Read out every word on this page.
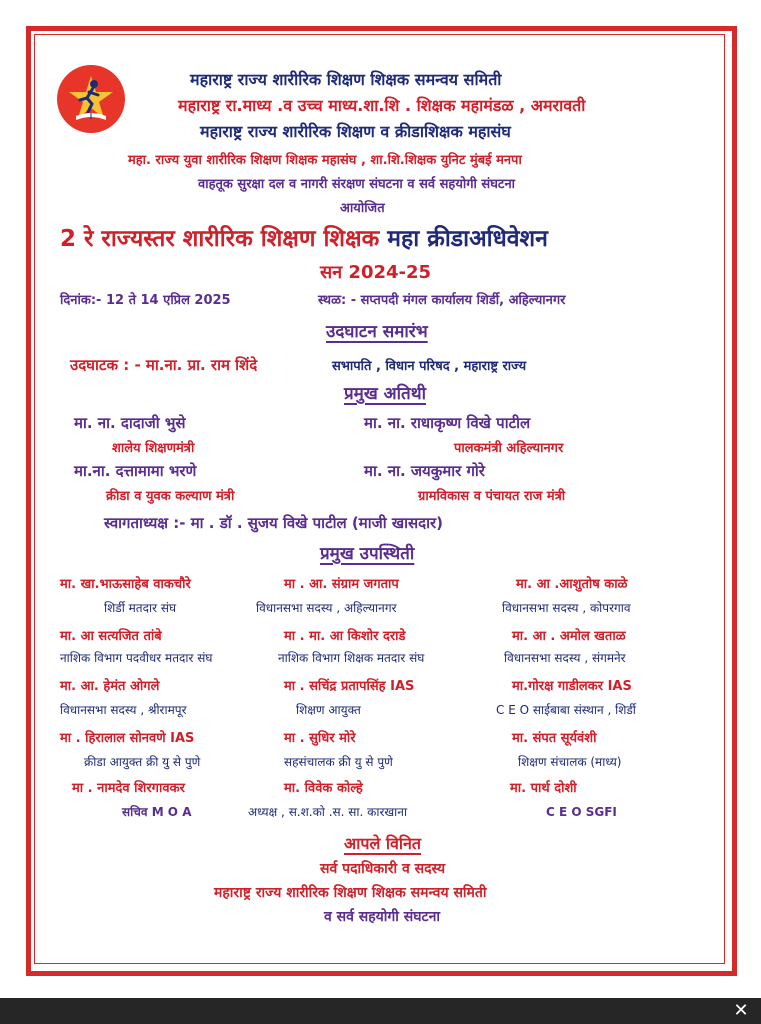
महाराष्ट्र राज्य शारीरिक शिक्षण शिक्षक समन्वय समिती
महाराष्ट्र रा.माध्य .व उच्च माध्य.शा.शि . शिक्षक महामंडळ , अमरावती
महाराष्ट्र राज्य शारीरिक शिक्षण व क्रीडाशिक्षक महासंघ
महा. राज्य युवा शारीरिक शिक्षण शिक्षक महासंघ , शा.शि.शिक्षक युनिट मुंबई मनपा
वाहतूक सुरक्षा दल व नागरी संरक्षण संघटना व सर्व सहयोगी संघटना
आयोजित
2 रे राज्यस्तर शारीरिक शिक्षण शिक्षक महा क्रीडाअधिवेशन
सन 2024-25
दिनांक:- 12 ते 14 एप्रिल 2025	स्थळ: - सप्तपदी मंगल कार्यालय शिर्डी, अहिल्यानगर
उदघाटन समारंभ
उदघाटक : - मा.ना. प्रा. राम शिंदे	सभापति , विधान परिषद , महाराष्ट्र राज्य
प्रमुख अतिथी
मा. ना. दादाजी भुसे
शालेय शिक्षणमंत्री
मा. ना. राधाकृष्ण विखे पाटील
पालकमंत्री अहिल्यानगर
मा.ना. दत्तामामा भरणे
क्रीडा व युवक कल्याण मंत्री
मा. ना. जयकुमार गोरे
ग्रामविकास व पंचायत राज मंत्री
स्वागताध्यक्ष :- मा . डॉ . सुजय विखे पाटील (माजी खासदार)
प्रमुख उपस्थिती
मा. खा.भाऊसाहेब वाकचौरे
शिर्डी मतदार संघ
मा . आ. संग्राम जगताप
विधानसभा सदस्य , अहिल्यानगर
मा. आ .आशुतोष काळे
विधानसभा सदस्य , कोपरगाव
मा. आ सत्यजित तांबे
नाशिक विभाग पदवीधर मतदार संघ
मा . मा. आ किशोर दराडे
नाशिक विभाग शिक्षक मतदार संघ
मा. आ . अमोल खताळ
विधानसभा सदस्य , संगमनेर
मा. आ. हेमंत ओगले
विधानसभा सदस्य , श्रीरामपूर
मा . सचिंद्र प्रतापसिंह IAS
शिक्षण आयुक्त
मा.गोरक्ष गाडीलकर IAS
C E O साईबाबा संस्थान , शिर्डी
मा . हिरालाल सोनवणे IAS
क्रीडा आयुक्त क्री यु से पुणे
मा . सुधिर मोरे
सहसंचालक क्री यु से पुणे
मा. संपत सूर्यवंशी
शिक्षण संचालक (माध्य)
मा . नामदेव शिरगावकर
सचिव M O A
मा. विवेक कोल्हे
अध्यक्ष , स.श.को .स. सा. कारखाना
मा. पार्थ दोशी
C E O SGFI
आपले विनित
सर्व पदाधिकारी व सदस्य
महाराष्ट्र राज्य शारीरिक शिक्षण शिक्षक समन्वय समिती
व सर्व सहयोगी संघटना
✕
